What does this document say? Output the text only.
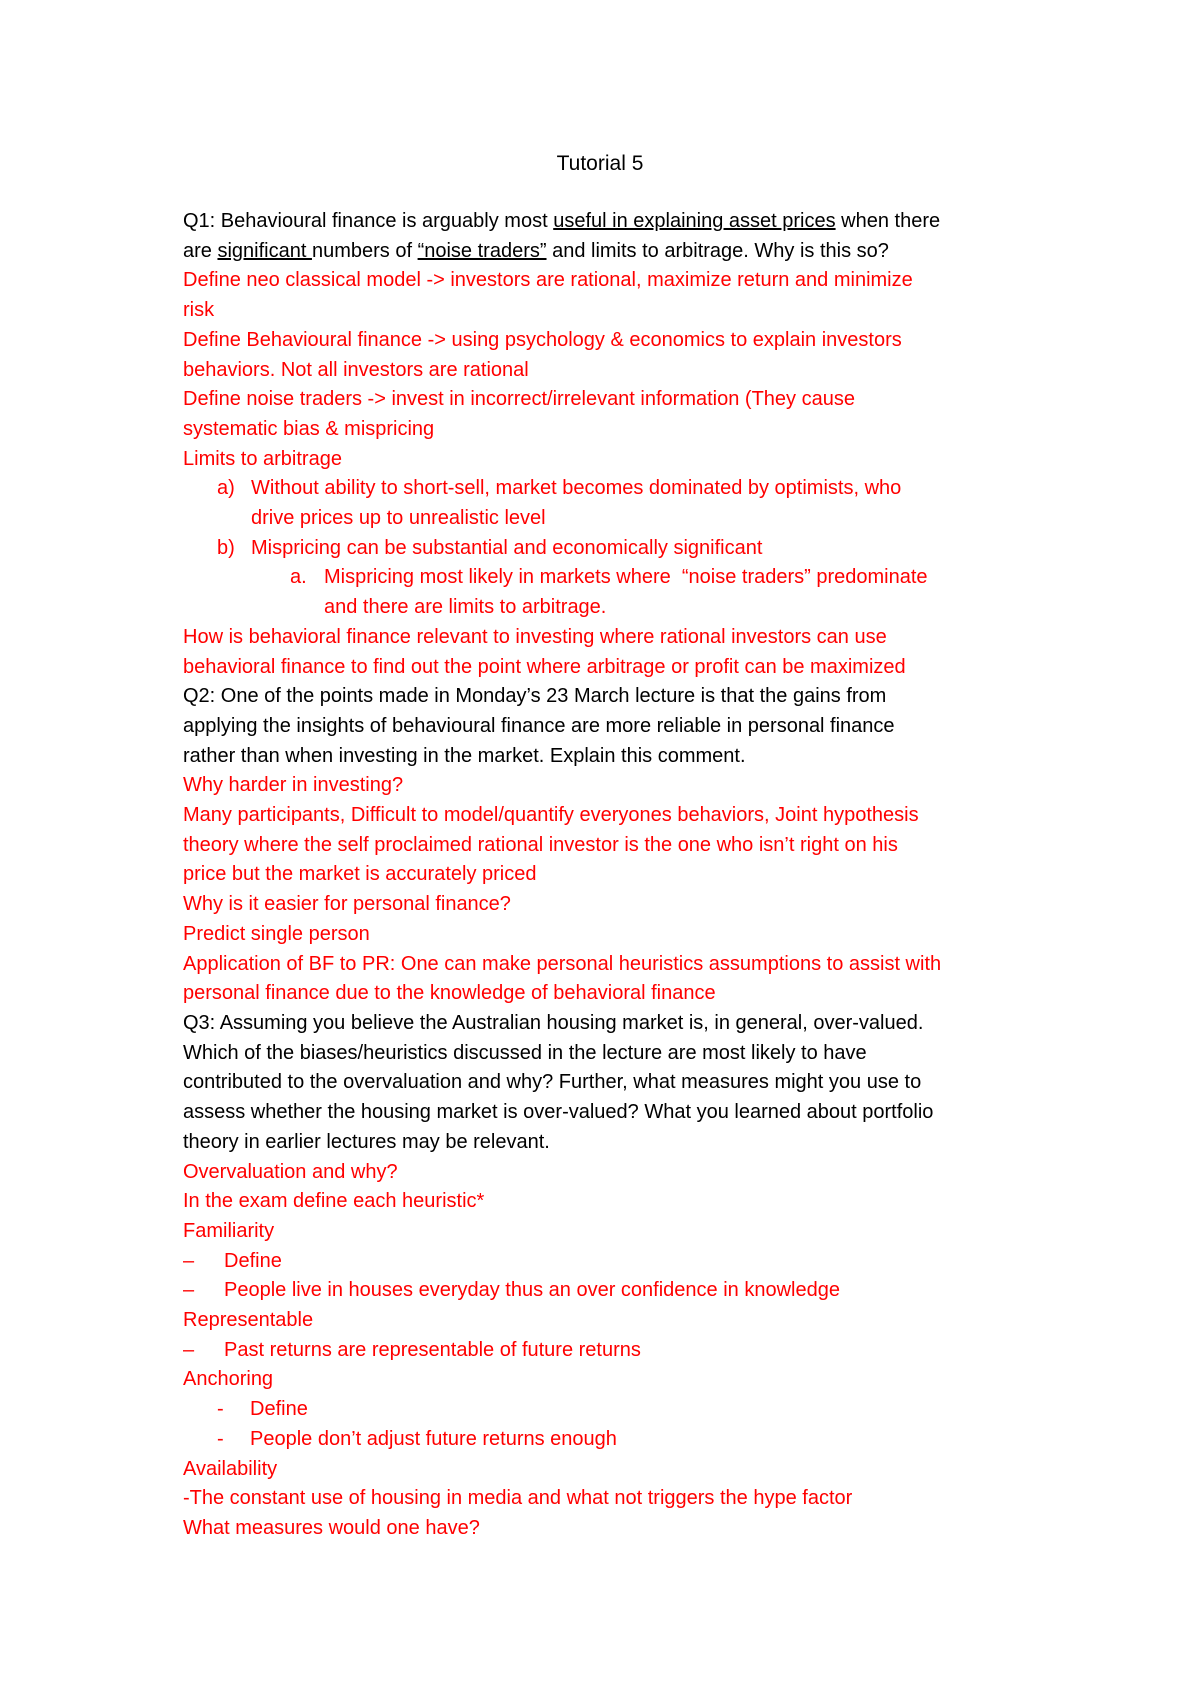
Tutorial 5

Q1: Behavioural finance is arguably most useful in explaining asset prices when there

are significant numbers of “noise traders” and limits to arbitrage. Why is this so?

Define neo classical model -> investors are rational, maximize return and minimize

risk

Define Behavioural finance -> using psychology & economics to explain investors

behaviors. Not all investors are rational

Define noise traders -> invest in incorrect/irrelevant information (They cause

systematic bias & mispricing

Limits to arbitrage

a) Without ability to short-sell, market becomes dominated by optimists, who
drive prices up to unrealistic level
b) Mispricing can be substantial and economically significant
a. Mispricing most likely in markets where  “noise traders” predominate
and there are limits to arbitrage.

How is behavioral finance relevant to investing where rational investors can use

behavioral finance to find out the point where arbitrage or profit can be maximized

Q2: One of the points made in Monday’s 23 March lecture is that the gains from

applying the insights of behavioural finance are more reliable in personal finance

rather than when investing in the market. Explain this comment.

Why harder in investing?

Many participants, Difficult to model/quantify everyones behaviors, Joint hypothesis

theory where the self proclaimed rational investor is the one who isn’t right on his

price but the market is accurately priced

Why is it easier for personal finance?

Predict single person

Application of BF to PR: One can make personal heuristics assumptions to assist with

personal finance due to the knowledge of behavioral finance

Q3: Assuming you believe the Australian housing market is, in general, over-valued.

Which of the biases/heuristics discussed in the lecture are most likely to have

contributed to the overvaluation and why? Further, what measures might you use to

assess whether the housing market is over-valued? What you learned about portfolio

theory in earlier lectures may be relevant.

Overvaluation and why?

In the exam define each heuristic*

Familiarity

–	Define
–	People live in houses everyday thus an over confidence in knowledge

Representable

–	Past returns are representable of future returns

Anchoring

-	Define
-	People don’t adjust future returns enough

Availability

-The constant use of housing in media and what not triggers the hype factor

What measures would one have?
